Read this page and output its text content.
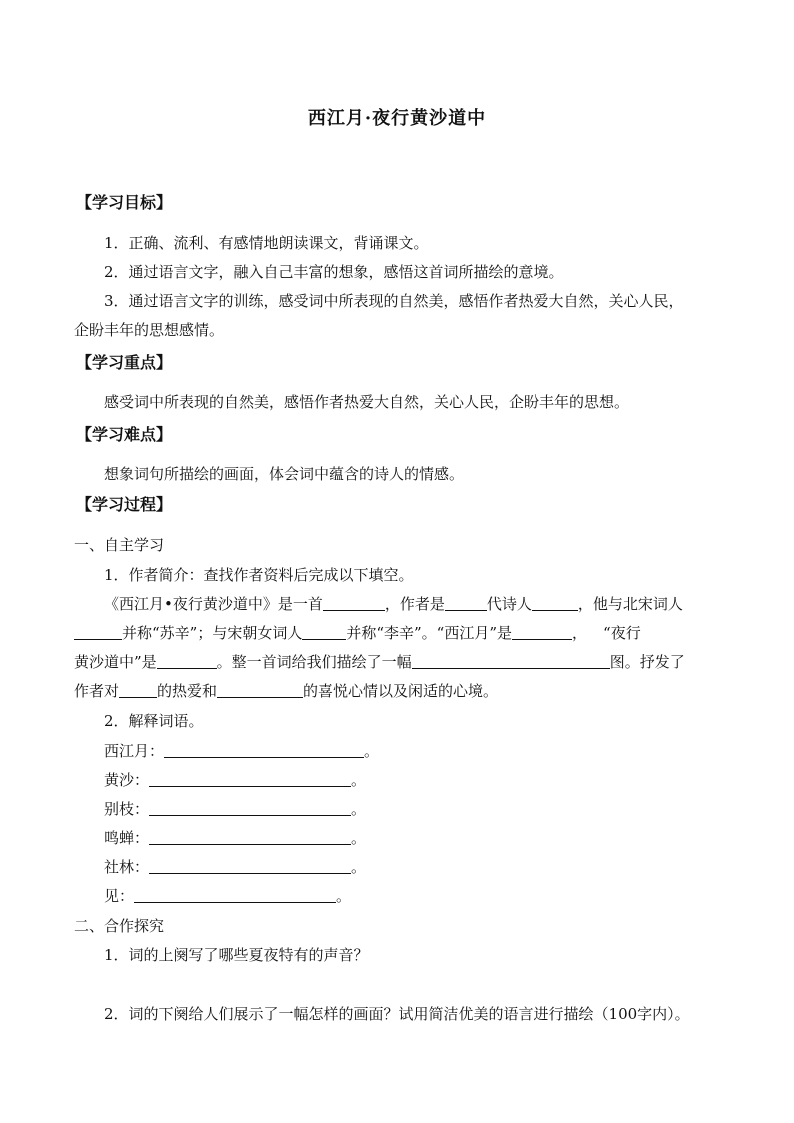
西江月·夜行黄沙道中
【学习目标】
1．正确、流利、有感情地朗读课文，背诵课文。
2．通过语言文字，融入自己丰富的想象，感悟这首词所描绘的意境。
3．通过语言文字的训练，感受词中所表现的自然美，感悟作者热爱大自然，关心人民，
企盼丰年的思想感情。
【学习重点】
感受词中所表现的自然美，感悟作者热爱大自然，关心人民，企盼丰年的思想。
【学习难点】
想象词句所描绘的画面，体会词中蕴含的诗人的情感。
【学习过程】
一、自主学习
1．作者简介：查找作者资料后完成以下填空。
《西江月•夜行黄沙道中》是一首	，作者是	代诗人	，他与北宋词人
并称“苏辛”；与宋朝女词人	并称“李辛”。“西江月”是	， “夜行
黄沙道中”是	。整一首词给我们描绘了一幅	图。抒发了
作者对	的热爱和	的喜悦心情以及闲适的心境。
2．解释词语。
西江月：	。
黄沙：	。
别枝：	。
鸣蝉：	。
社林：	。
见：	。
二、合作探究
1．词的上阕写了哪些夏夜特有的声音？
2．词的下阕给人们展示了一幅怎样的画面？试用简洁优美的语言进行描绘（100字内）。
